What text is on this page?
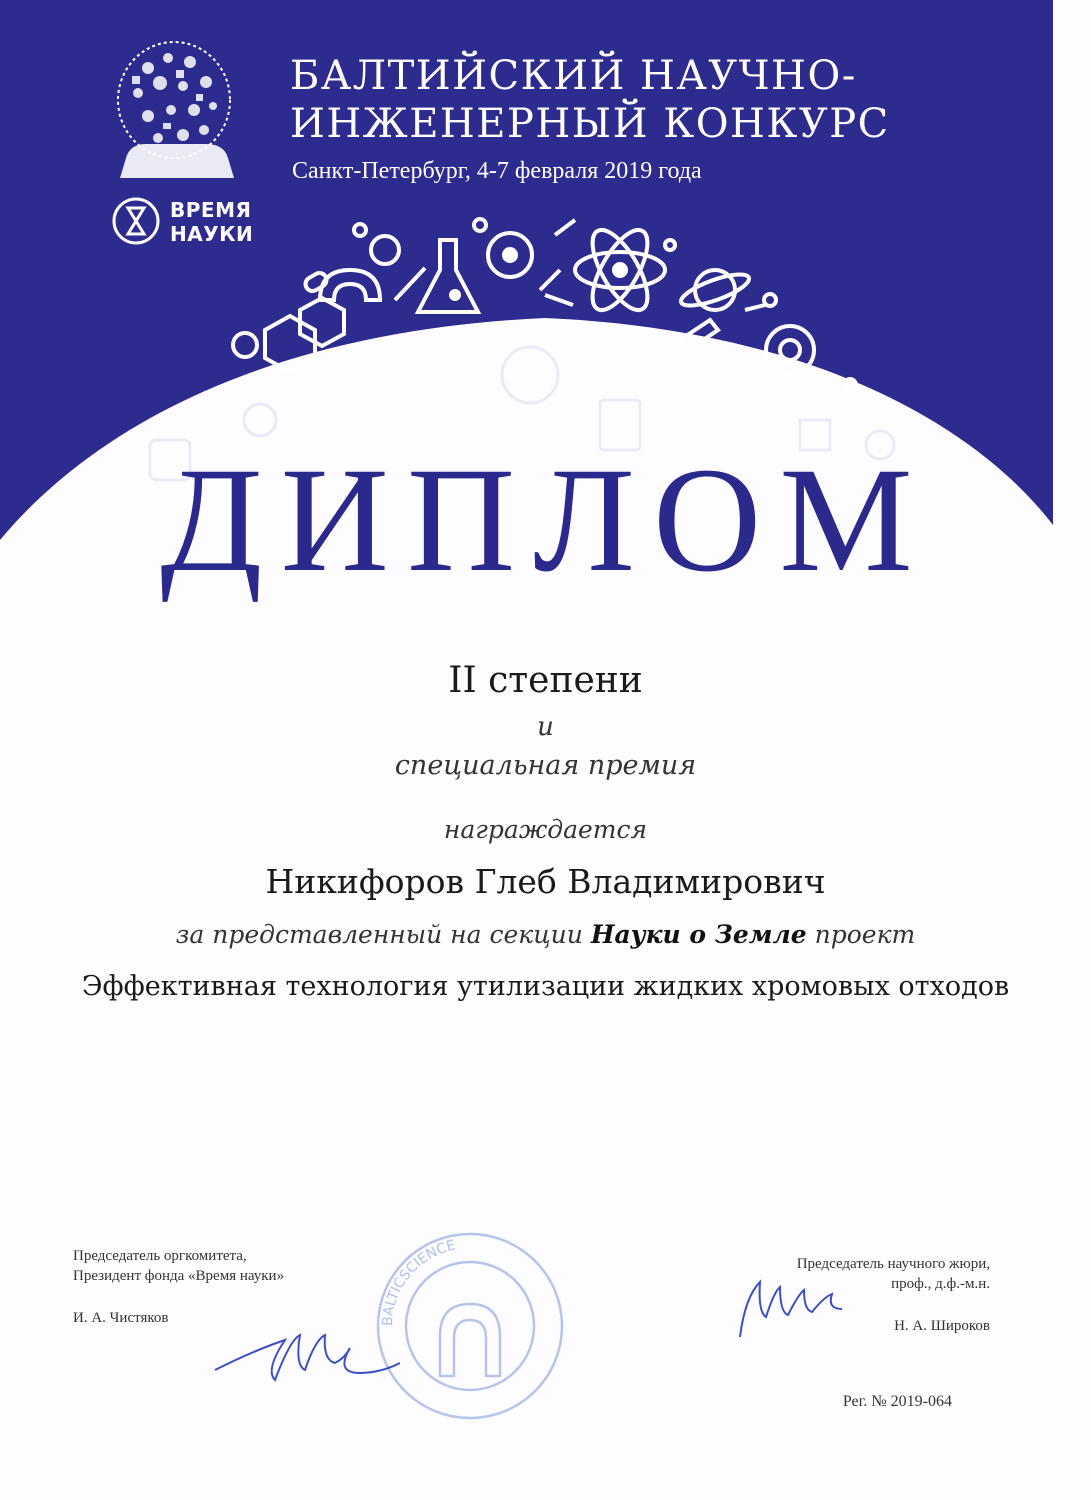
ВРЕМЯ
НАУКИ
БАЛТИЙСКИЙ НАУЧНО-
ИНЖЕНЕРНЫЙ КОНКУРС
Санкт-Петербург, 4-7 февраля 2019 года
ДИПЛОМ
II степени
и
специальная премия
награждается
Никифоров Глеб Владимирович
за представленный на секции Науки о Земле проект
Эффективная технология утилизации жидких хромовых отходов
BALTICSCIENCE
Председатель оргкомитета,
Президент фонда «Время науки»
И. А. Чистяков
Председатель научного жюри,
проф., д.ф.-м.н.
Н. А. Широков
Рег. № 2019-064
